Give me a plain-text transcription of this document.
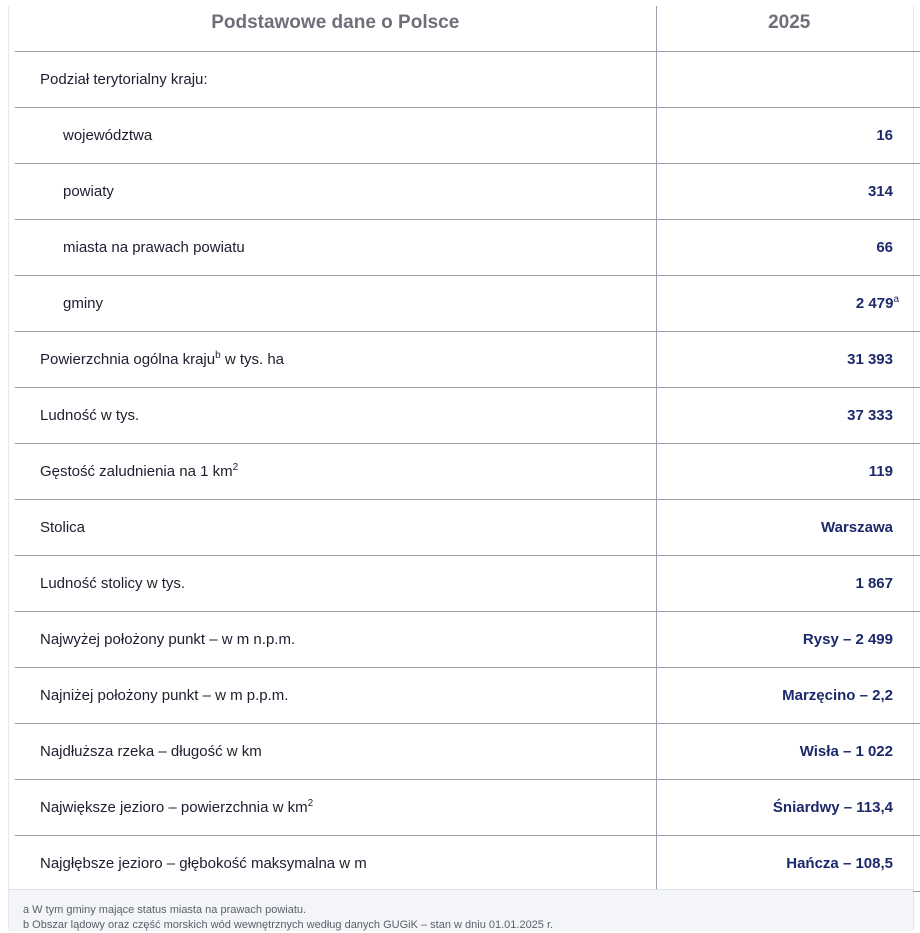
Podstawowe dane o Polsce	2025

Podział terytorialny kraju:	
województwa	16
powiaty	314
miasta na prawach powiatu	66
gminy	2 479$^a$
Powierzchnia ogólna kraju$^b$ w tys. ha	31 393
Ludność w tys.	37 333
Gęstość zaludnienia na 1 $km^2$	119
Stolica	Warszawa
Ludność stolicy w tys.	1 867
Najwyżej położony punkt – w m n.p.m.	Rysy – 2 499
Najniżej położony punkt – w m p.p.m.	Marzęcino – 2,2
Najdłuższa rzeka – długość w km	Wisła – 1 022
Największe jezioro – powierzchnia w $km^2$	Śniardwy – 113,4
Najgłębsze jezioro – głębokość maksymalna w m	Hańcza – 108,5
a W tym gminy mające status miasta na prawach powiatu.
b Obszar lądowy oraz część morskich wód wewnętrznych według danych GUGiK – stan w dniu 01.01.2025 r.
